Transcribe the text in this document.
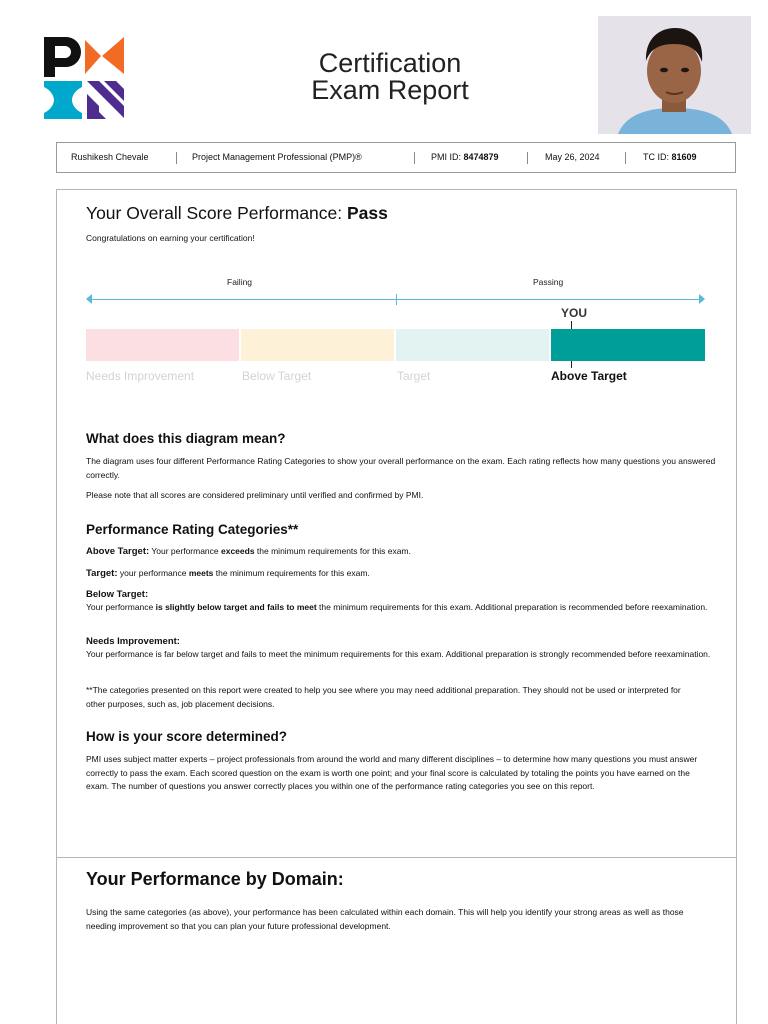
Certification
Exam Report
Rushikesh Chevale	Project Management Professional (PMP)®	PMI ID: 8474879	May 26, 2024	TC ID: 81609
Your Overall Score Performance: Pass
Congratulations on earning your certification!
Failing	Passing
YOU
Needs Improvement	Below Target	Target	Above Target
What does this diagram mean?
The diagram uses four different Performance Rating Categories to show your overall performance on the exam. Each rating reflects how many questions you answered correctly.
Please note that all scores are considered preliminary until verified and confirmed by PMI.
Performance Rating Categories**
Above Target: Your performance exceeds the minimum requirements for this exam.
Target: your performance meets the minimum requirements for this exam.
Below Target:
Your performance is slightly below target and fails to meet the minimum requirements for this exam. Additional preparation is recommended before reexamination.
Needs Improvement:
Your performance is far below target and fails to meet the minimum requirements for this exam. Additional preparation is strongly recommended before reexamination.
**The categories presented on this report were created to help you see where you may need additional preparation. They should not be used or interpreted for other purposes, such as, job placement decisions.
How is your score determined?
PMI uses subject matter experts – project professionals from around the world and many different disciplines – to determine how many questions you must answer correctly to pass the exam. Each scored question on the exam is worth one point; and your final score is calculated by totaling the points you have earned on the exam. The number of questions you answer correctly places you within one of the performance rating categories you see on this report.
Your Performance by Domain:
Using the same categories (as above), your performance has been calculated within each domain. This will help you identify your strong areas as well as those needing improvement so that you can plan your future professional development.
